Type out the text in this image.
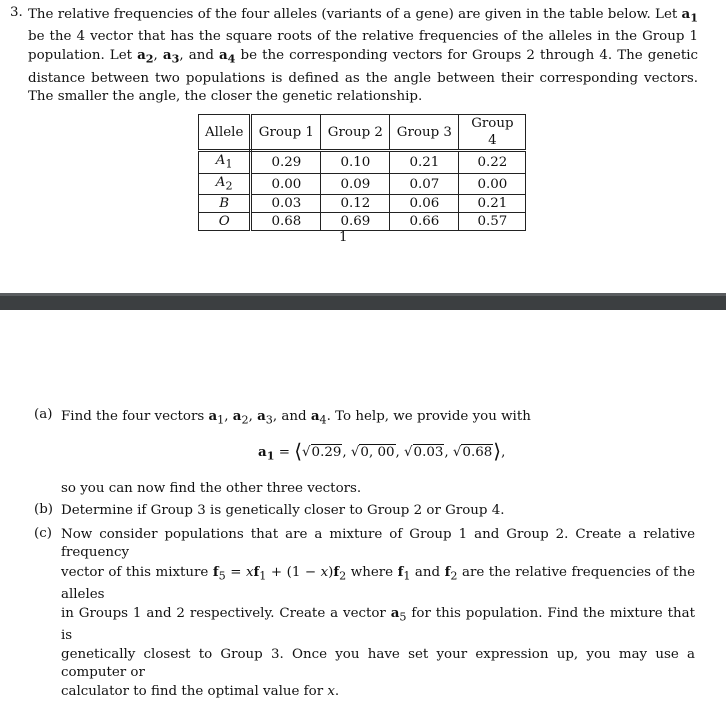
3. The relative frequencies of the four alleles (variants of a gene) are given in the table below. Let $a_1$ be the 4 vector that has the square roots of the relative frequencies of the alleles in the Group 1 population. Let $a_2$, $a_3$, and $a_4$ be the corresponding vectors for Groups 2 through 4. The genetic distance between two populations is defined as the angle between their corresponding vectors. The smaller the angle, the closer the genetic relationship.
Allele	Group 1	Group 2	Group 3	Group 4
$A_1$	0.29	0.10	0.21	0.22
$A_2$	0.00	0.09	0.07	0.00
B	0.03	0.12	0.06	0.21
O	0.68	0.69	0.66	0.57
1
(a) Find the four vectors $a_1$, $a_2$, $a_3$, and $a_4$. To help, we provide you with
$a_1$ = ⟨√0.29, √0, 00, √0.03, √0.68⟩,
so you can now find the other three vectors.
(b) Determine if Group 3 is genetically closer to Group 2 or Group 4.
(c) Now consider populations that are a mixture of Group 1 and Group 2. Create a relative frequency
vector of this mixture $f_5 = xf_1 + (1 - x)f_2$ where $f_1$ and $f_2$ are the relative frequencies of the alleles
in Groups 1 and 2 respectively. Create a vector $a_5$ for this population. Find the mixture that is
genetically closest to Group 3. Once you have set your expression up, you may use a computer or
calculator to find the optimal value for x.
